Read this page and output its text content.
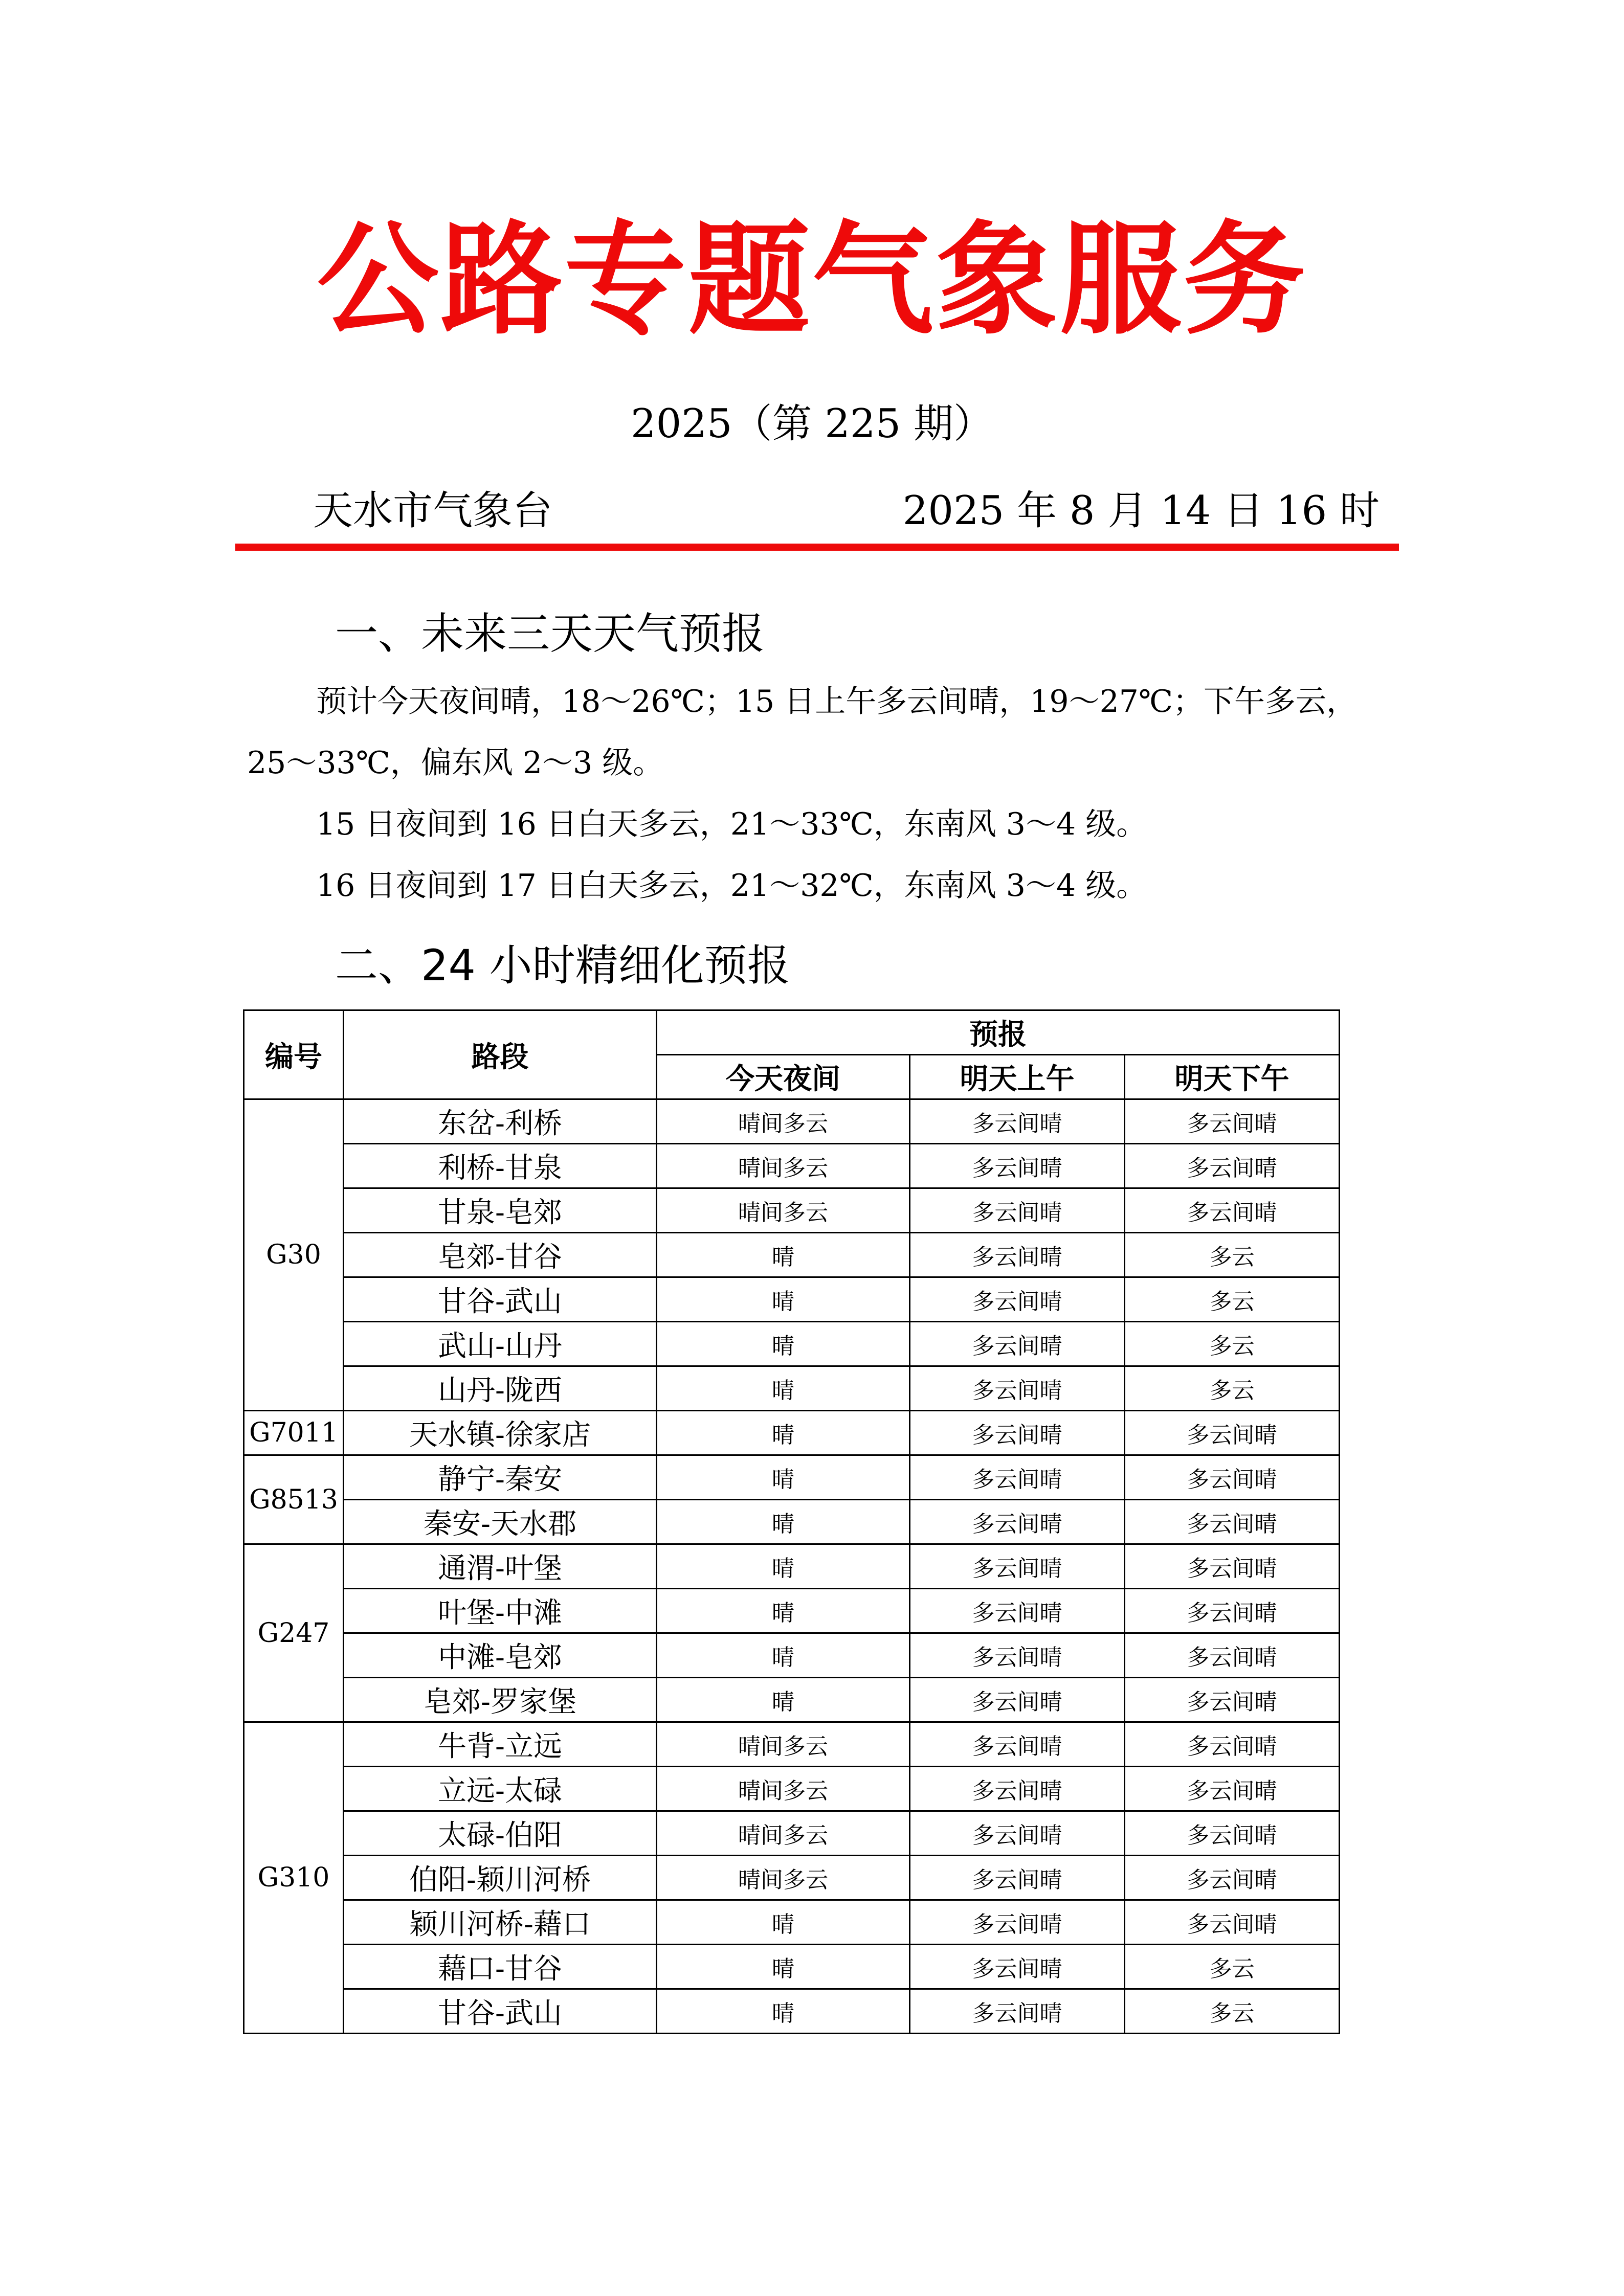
公路专题气象服务
2025（第 225 期）
天水市气象台	2025 年 8 月 14 日 16 时
一、未来三天天气预报
预计今天夜间晴，18～26℃；15 日上午多云间晴，19～27℃；下午多云，
25～33℃，偏东风 2～3 级。
15 日夜间到 16 日白天多云，21～33℃，东南风 3～4 级。
16 日夜间到 17 日白天多云，21～32℃，东南风 3～4 级。
二、24 小时精细化预报
编号	路段	预报		
		今天夜间	明天上午	明天下午
G30	东岔-利桥	晴间多云	多云间晴	多云间晴
	利桥-甘泉	晴间多云	多云间晴	多云间晴
	甘泉-皂郊	晴间多云	多云间晴	多云间晴
	皂郊-甘谷	晴	多云间晴	多云
	甘谷-武山	晴	多云间晴	多云
	武山-山丹	晴	多云间晴	多云
	山丹-陇西	晴	多云间晴	多云
G7011	天水镇-徐家店	晴	多云间晴	多云间晴
G8513	静宁-秦安	晴	多云间晴	多云间晴
	秦安-天水郡	晴	多云间晴	多云间晴
G247	通渭-叶堡	晴	多云间晴	多云间晴
	叶堡-中滩	晴	多云间晴	多云间晴
	中滩-皂郊	晴	多云间晴	多云间晴
	皂郊-罗家堡	晴	多云间晴	多云间晴
G310	牛背-立远	晴间多云	多云间晴	多云间晴
	立远-太碌	晴间多云	多云间晴	多云间晴
	太碌-伯阳	晴间多云	多云间晴	多云间晴
	伯阳-颖川河桥	晴间多云	多云间晴	多云间晴
	颖川河桥-藉口	晴	多云间晴	多云间晴
	藉口-甘谷	晴	多云间晴	多云
	甘谷-武山	晴	多云间晴	多云
